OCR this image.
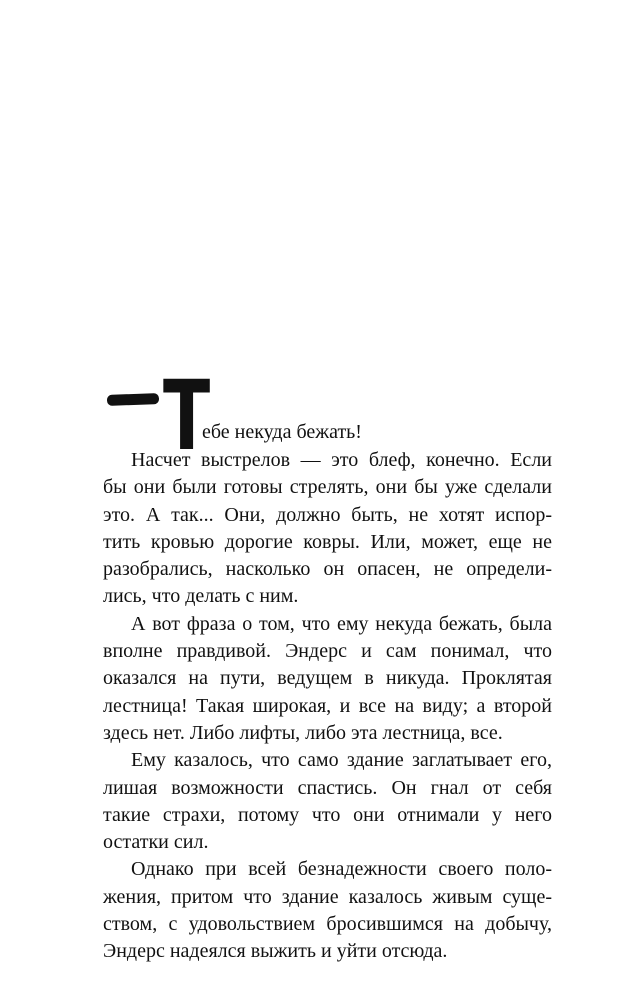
Т
ебе некуда бежать!
Насчет выстрелов — это блеф, конечно. Если
бы они были готовы стрелять, они бы уже сделали
это. А так... Они, должно быть, не хотят испор-
тить кровью дорогие ковры. Или, может, еще не
разобрались, насколько он опасен, не определи-
лись, что делать с ним.
А вот фраза о том, что ему некуда бежать, была
вполне правдивой. Эндерс и сам понимал, что
оказался на пути, ведущем в никуда. Проклятая
лестница! Такая широкая, и все на виду; а второй
здесь нет. Либо лифты, либо эта лестница, все.
Ему казалось, что само здание заглатывает его,
лишая возможности спастись. Он гнал от себя
такие страхи, потому что они отнимали у него
остатки сил.
Однако при всей безнадежности своего поло-
жения, притом что здание казалось живым суще-
ством, с удовольствием бросившимся на добычу,
Эндерс надеялся выжить и уйти отсюда.
